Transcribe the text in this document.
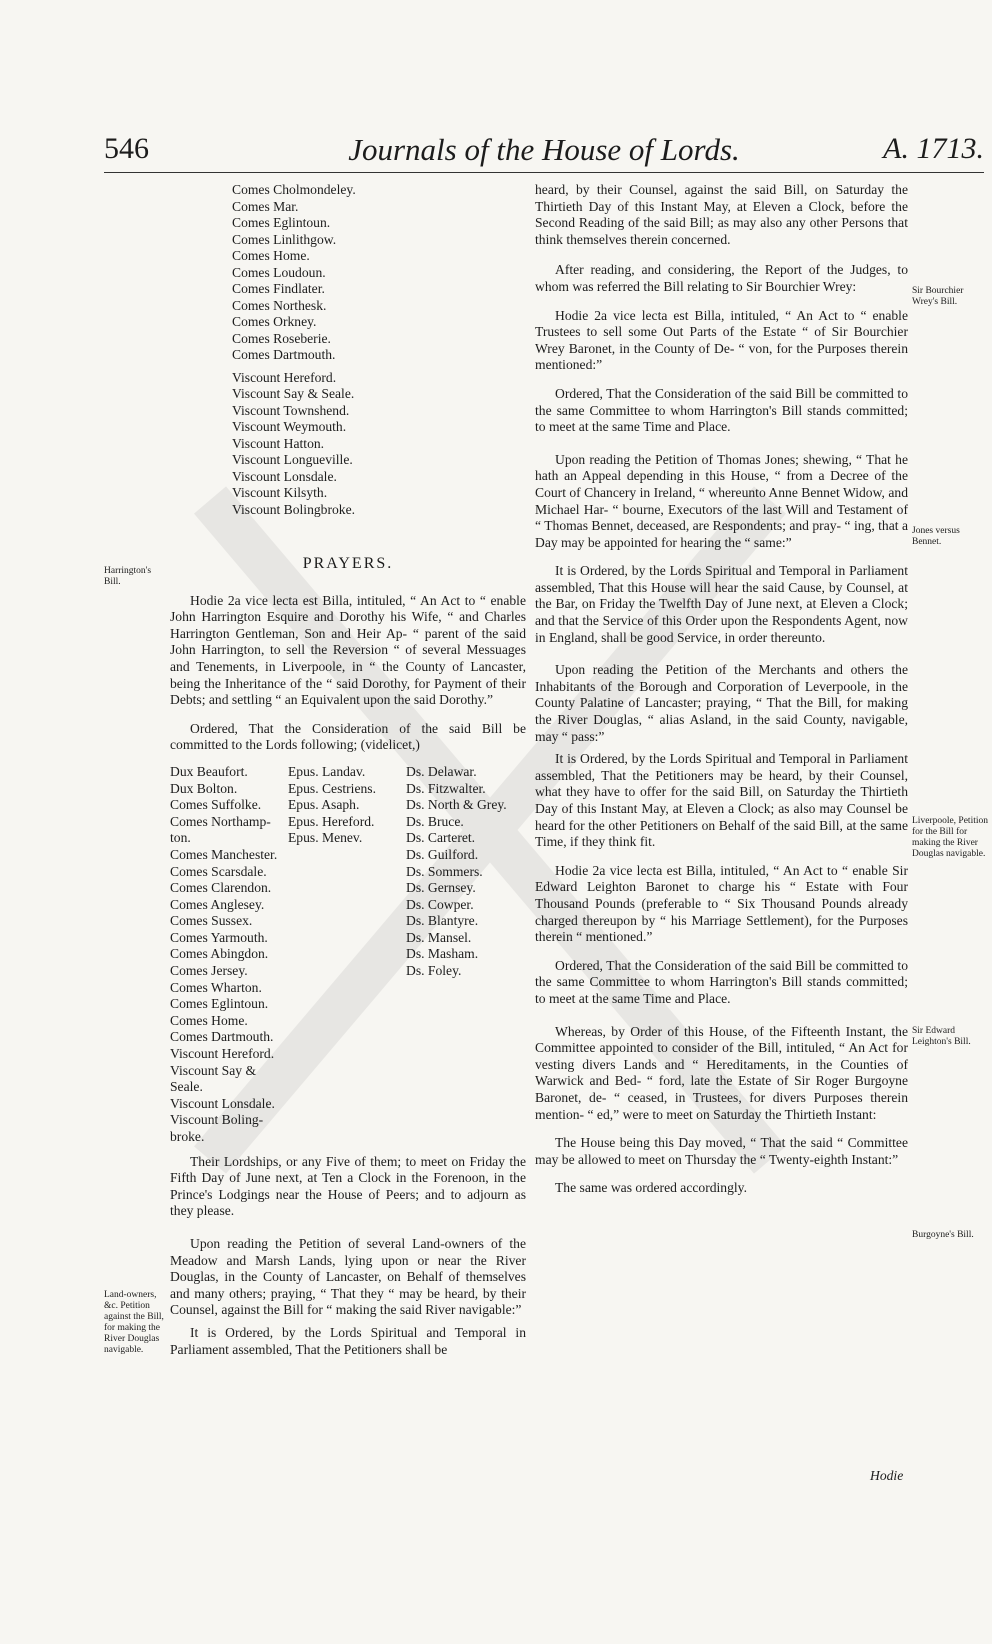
546	Journals of the House of Lords.	A. 1713.
Comes Cholmondeley.
Comes Mar.
Comes Eglintoun.
Comes Linlithgow.
Comes Home.
Comes Loudoun.
Comes Findlater.
Comes Northesk.
Comes Orkney.
Comes Roseberie.
Comes Dartmouth.
Viscount Hereford.
Viscount Say & Seale.
Viscount Townshend.
Viscount Weymouth.
Viscount Hatton.
Viscount Longueville.
Viscount Lonsdale.
Viscount Kilsyth.
Viscount Bolingbroke.
PRAYERS.

Hodie 2a vice lecta est Billa, intituled, “ An Act to “ enable John Harrington Esquire and Dorothy his Wife, “ and Charles Harrington Gentleman, Son and Heir Ap- “ parent of the said John Harrington, to sell the Reversion “ of several Messuages and Tenements, in Liverpoole, in “ the County of Lancaster, being the Inheritance of the “ said Dorothy, for Payment of their Debts; and settling “ an Equivalent upon the said Dorothy.”

Ordered, That the Consideration of the said Bill be committed to the Lords following; (videlicet,)

Dux Beaufort.
Dux Bolton.
Comes Suffolke.
Comes Northamp-
ton.
Comes Manchester.
Comes Scarsdale.
Comes Clarendon.
Comes Anglesey.
Comes Sussex.
Comes Yarmouth.
Comes Abingdon.
Comes Jersey.
Comes Wharton.
Comes Eglintoun.
Comes Home.
Comes Dartmouth.
Viscount Hereford.
Viscount Say &
Seale.
Viscount Lonsdale.
Viscount Boling-
broke.
Epus. Landav.
Epus. Cestriens.
Epus. Asaph.
Epus. Hereford.
Epus. Menev.
Ds. Delawar.
Ds. Fitzwalter.
Ds. North & Grey.
Ds. Bruce.
Ds. Carteret.
Ds. Guilford.
Ds. Sommers.
Ds. Gernsey.
Ds. Cowper.
Ds. Blantyre.
Ds. Mansel.
Ds. Masham.
Ds. Foley.

Their Lordships, or any Five of them; to meet on Friday the Fifth Day of June next, at Ten a Clock in the Forenoon, in the Prince's Lodgings near the House of Peers; and to adjourn as they please.

Upon reading the Petition of several Land-owners of the Meadow and Marsh Lands, lying upon or near the River Douglas, in the County of Lancaster, on Behalf of themselves and many others; praying, “ That they “ may be heard, by their Counsel, against the Bill for “ making the said River navigable:”

It is Ordered, by the Lords Spiritual and Temporal in Parliament assembled, That the Petitioners shall be

Harrington's Bill.
Land-owners, &c. Petition against the Bill, for making the River Douglas navigable.

heard, by their Counsel, against the said Bill, on Saturday the Thirtieth Day of this Instant May, at Eleven a Clock, before the Second Reading of the said Bill; as may also any other Persons that think themselves therein concerned.

After reading, and considering, the Report of the Judges, to whom was referred the Bill relating to Sir Bourchier Wrey:

Hodie 2a vice lecta est Billa, intituled, “ An Act to “ enable Trustees to sell some Out Parts of the Estate “ of Sir Bourchier Wrey Baronet, in the County of De- “ von, for the Purposes therein mentioned:”

Ordered, That the Consideration of the said Bill be committed to the same Committee to whom Harrington's Bill stands committed; to meet at the same Time and Place.

Upon reading the Petition of Thomas Jones; shewing, “ That he hath an Appeal depending in this House, “ from a Decree of the Court of Chancery in Ireland, “ whereunto Anne Bennet Widow, and Michael Har- “ bourne, Executors of the last Will and Testament of “ Thomas Bennet, deceased, are Respondents; and pray- “ ing, that a Day may be appointed for hearing the “ same:”

It is Ordered, by the Lords Spiritual and Temporal in Parliament assembled, That this House will hear the said Cause, by Counsel, at the Bar, on Friday the Twelfth Day of June next, at Eleven a Clock; and that the Service of this Order upon the Respondents Agent, now in England, shall be good Service, in order thereunto.

Upon reading the Petition of the Merchants and others the Inhabitants of the Borough and Corporation of Leverpoole, in the County Palatine of Lancaster; praying, “ That the Bill, for making the River Douglas, “ alias Asland, in the said County, navigable, may “ pass:”

It is Ordered, by the Lords Spiritual and Temporal in Parliament assembled, That the Petitioners may be heard, by their Counsel, what they have to offer for the said Bill, on Saturday the Thirtieth Day of this Instant May, at Eleven a Clock; as also may Counsel be heard for the other Petitioners on Behalf of the said Bill, at the same Time, if they think fit.

Hodie 2a vice lecta est Billa, intituled, “ An Act to “ enable Sir Edward Leighton Baronet to charge his “ Estate with Four Thousand Pounds (preferable to “ Six Thousand Pounds already charged thereupon by “ his Marriage Settlement), for the Purposes therein “ mentioned.”

Ordered, That the Consideration of the said Bill be committed to the same Committee to whom Harrington's Bill stands committed; to meet at the same Time and Place.

Whereas, by Order of this House, of the Fifteenth Instant, the Committee appointed to consider of the Bill, intituled, “ An Act for vesting divers Lands and “ Hereditaments, in the Counties of Warwick and Bed- “ ford, late the Estate of Sir Roger Burgoyne Baronet, de- “ ceased, in Trustees, for divers Purposes therein mention- “ ed,” were to meet on Saturday the Thirtieth Instant:

The House being this Day moved, “ That the said “ Committee may be allowed to meet on Thursday the “ Twenty-eighth Instant:”

The same was ordered accordingly.

Sir Bourchier Wrey's Bill.
Jones versus Bennet.
Liverpoole, Petition for the Bill for making the River Douglas navigable.
Sir Edward Leighton's Bill.
Burgoyne's Bill.
Hodie
